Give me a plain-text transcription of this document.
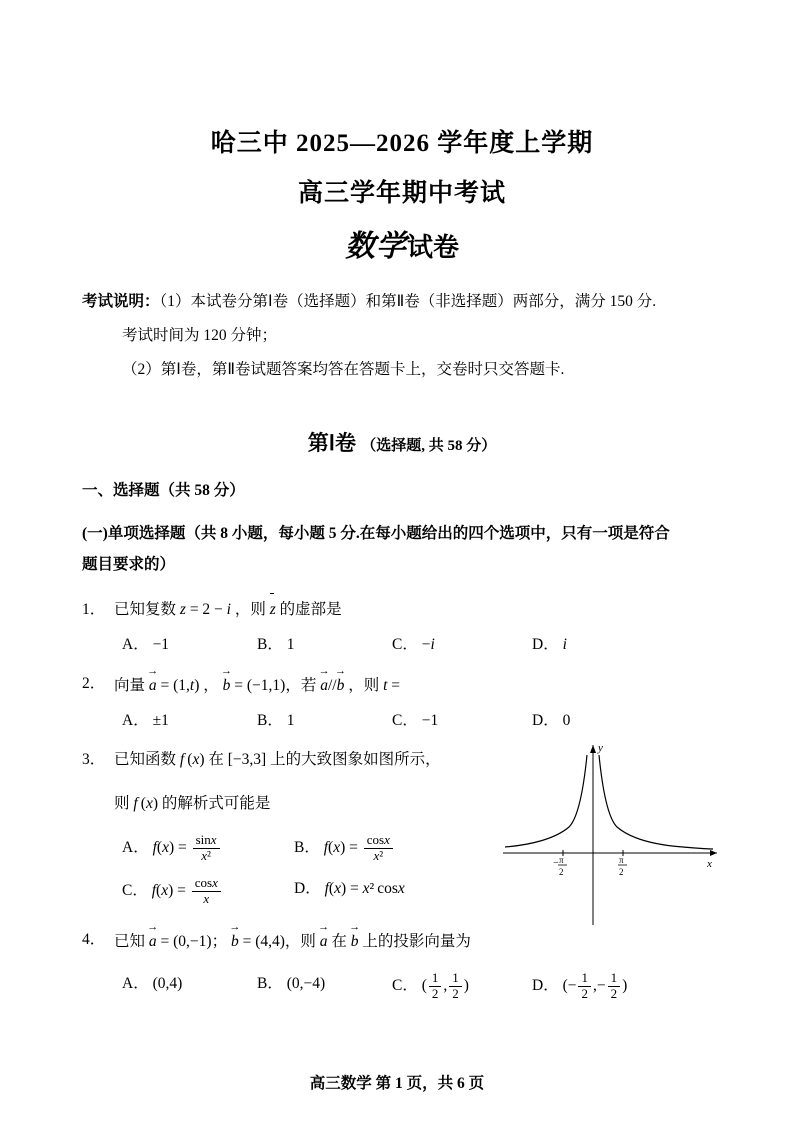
哈三中 2025—2026 学年度上学期
高三学年期中考试
数学试卷
考试说明：（1）本试卷分第Ⅰ卷（选择题）和第Ⅱ卷（非选择题）两部分，满分 150 分.
考试时间为 120 分钟；
（2）第Ⅰ卷，第Ⅱ卷试题答案均答在答题卡上，交卷时只交答题卡.
第Ⅰ卷 （选择题, 共 58 分）
一、选择题（共 58 分）
(一)单项选择题（共 8 小题，每小题 5 分.在每小题给出的四个选项中，只有一项是符合
题目要求的）
1． 已知复数 z = 2 − i ，则 z 的虚部是
A． −1	B． 1	C． −i	D． i
2． 向量 → a = (1,t) ， → b = (−1,1)，若 → a//→ b ，则 t =
A． ±1	B． 1	C． −1	D． 0
3． 已知函数 f (x) 在 [−3,3] 上的大致图象如图所示，
则 f (x) 的解析式可能是
x
y
− π
2
π
2
A． $f(x) = \frac{\sin x}{\text{x²}}$	B． $f(x) = \frac{\cos x}{\text{x²}}$
C． $f(x) = \frac{\cos x}{x}$	D． f(x) = x² cosx
4． 已知 → a = (0,−1)； → b = (4,4)，则 → a 在 → b 上的投影向量为
A． (0,4)	B． (0,−4)	C． ( $\frac{1}{2}$ , $\frac{1}{2}$ )	D． (− $\frac{1}{2}$ ,− $\frac{1}{2}$ )
高三数学 第 1 页，共 6 页
